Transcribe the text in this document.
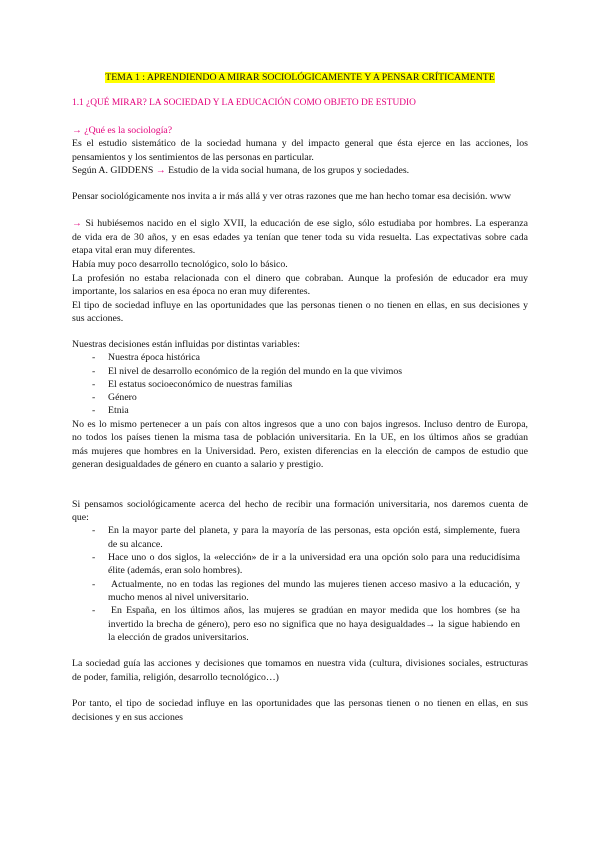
TEMA 1 : APRENDIENDO A MIRAR SOCIOLÓGICAMENTE Y A PENSAR CRÍTICAMENTE
1.1 ¿QUÉ MIRAR? LA SOCIEDAD Y LA EDUCACIÓN COMO OBJETO DE ESTUDIO
→ ¿Qué es la sociología?
Es el estudio sistemático de la sociedad humana y del impacto general que ésta ejerce en las acciones, los
pensamientos y los sentimientos de las personas en particular.
Según A. GIDDENS → Estudio de la vida social humana, de los grupos y sociedades.
Pensar sociológicamente nos invita a ir más allá y ver otras razones que me han hecho tomar esa decisión. www
→ Si hubiésemos nacido en el siglo XVII, la educación de ese siglo, sólo estudiaba por hombres. La esperanza
de vida era de 30 años, y en esas edades ya tenían que tener toda su vida resuelta. Las expectativas sobre cada
etapa vital eran muy diferentes.
Había muy poco desarrollo tecnológico, solo lo básico.
La profesión no estaba relacionada con el dinero que cobraban. Aunque la profesión de educador era muy
importante, los salarios en esa época no eran muy diferentes.
El tipo de sociedad influye en las oportunidades que las personas tienen o no tienen en ellas, en sus decisiones y
sus acciones.
Nuestras decisiones están influidas por distintas variables:
- Nuestra época histórica
- El nivel de desarrollo económico de la región del mundo en la que vivimos
- El estatus socioeconómico de nuestras familias
- Género
- Etnia
No es lo mismo pertenecer a un país con altos ingresos que a uno con bajos ingresos. Incluso dentro de Europa,
no todos los países tienen la misma tasa de población universitaria. En la UE, en los últimos años se gradúan
más mujeres que hombres en la Universidad. Pero, existen diferencias en la elección de campos de estudio que
generan desigualdades de género en cuanto a salario y prestigio.
Si pensamos sociológicamente acerca del hecho de recibir una formación universitaria, nos daremos cuenta de
que:
- En la mayor parte del planeta, y para la mayoría de las personas, esta opción está, simplemente, fuera
de su alcance.
- Hace uno o dos siglos, la «elección» de ir a la universidad era una opción solo para una reducidísima
élite (además, eran solo hombres).
- Actualmente, no en todas las regiones del mundo las mujeres tienen acceso masivo a la educación, y
mucho menos al nivel universitario.
- En España, en los últimos años, las mujeres se gradúan en mayor medida que los hombres (se ha
invertido la brecha de género), pero eso no significa que no haya desigualdades→ la sigue habiendo en
la elección de grados universitarios.
La sociedad guía las acciones y decisiones que tomamos en nuestra vida (cultura, divisiones sociales, estructuras
de poder, familia, religión, desarrollo tecnológico…)
Por tanto, el tipo de sociedad influye en las oportunidades que las personas tienen o no tienen en ellas, en sus
decisiones y en sus acciones
